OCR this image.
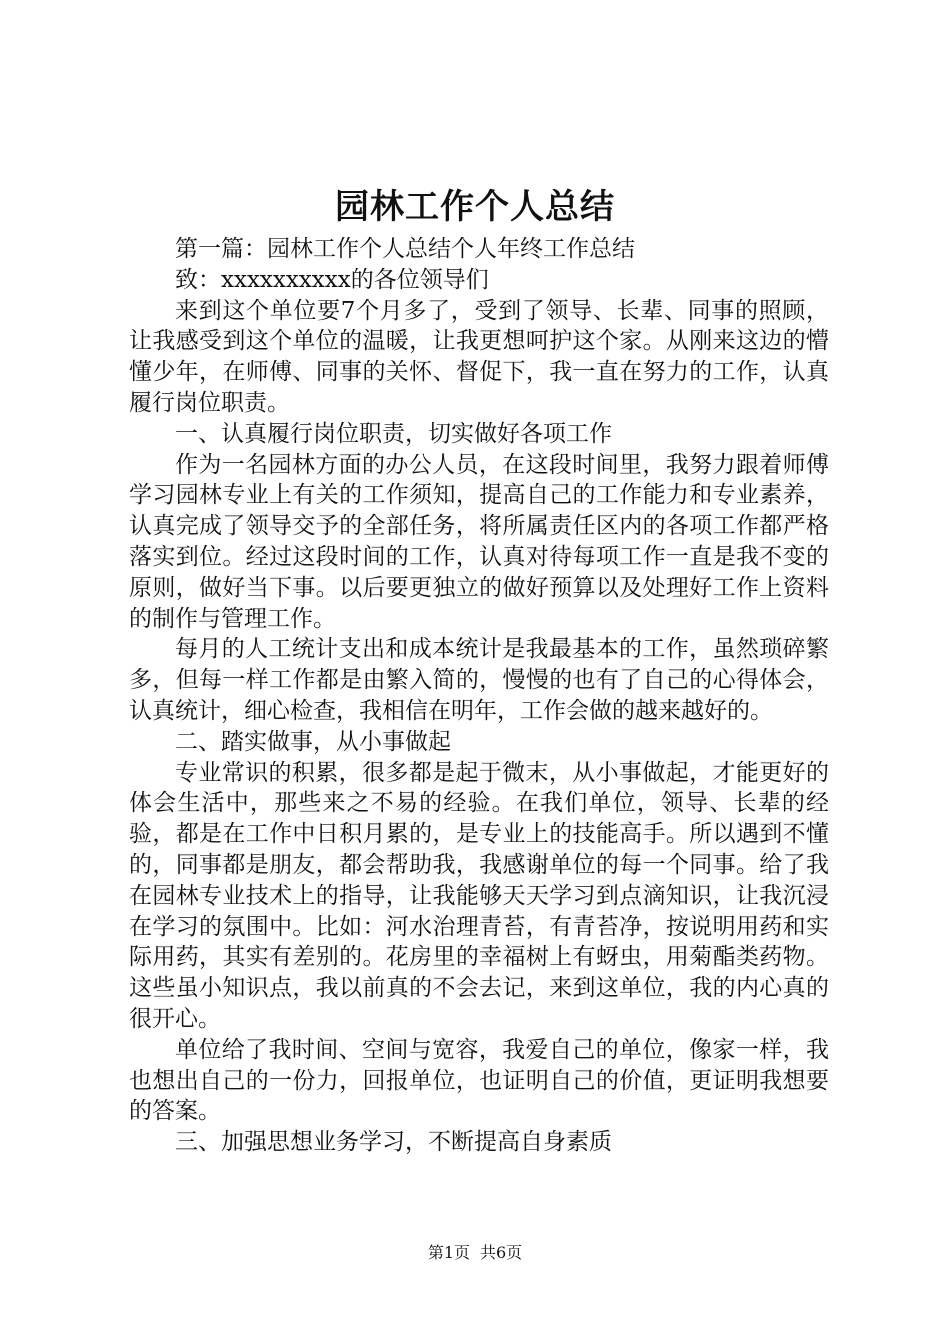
园林工作个人总结

第一篇：园林工作个人总结个人年终工作总结

致：xxxxxxxxxx的各位领导们

来到这个单位要7个月多了，受到了领导、长辈、同事的照顾，让我感受到这个单位的温暖，让我更想呵护这个家。从刚来这边的懵懂少年，在师傅、同事的关怀、督促下，我一直在努力的工作，认真履行岗位职责。

一、认真履行岗位职责，切实做好各项工作

作为一名园林方面的办公人员，在这段时间里，我努力跟着师傅学习园林专业上有关的工作须知，提高自己的工作能力和专业素养，认真完成了领导交予的全部任务，将所属责任区内的各项工作都严格落实到位。经过这段时间的工作，认真对待每项工作一直是我不变的原则，做好当下事。以后要更独立的做好预算以及处理好工作上资料的制作与管理工作。

每月的人工统计支出和成本统计是我最基本的工作，虽然琐碎繁多，但每一样工作都是由繁入简的，慢慢的也有了自己的心得体会，认真统计，细心检查，我相信在明年，工作会做的越来越好的。

二、踏实做事，从小事做起

专业常识的积累，很多都是起于微末，从小事做起，才能更好的体会生活中，那些来之不易的经验。在我们单位，领导、长辈的经验，都是在工作中日积月累的，是专业上的技能高手。所以遇到不懂的，同事都是朋友，都会帮助我，我感谢单位的每一个同事。给了我在园林专业技术上的指导，让我能够天天学习到点滴知识，让我沉浸在学习的氛围中。比如：河水治理青苔，有青苔净，按说明用药和实际用药，其实有差别的。花房里的幸福树上有蚜虫，用菊酯类药物。这些虽小知识点，我以前真的不会去记，来到这单位，我的内心真的很开心。

单位给了我时间、空间与宽容，我爱自己的单位，像家一样，我也想出自己的一份力，回报单位，也证明自己的价值，更证明我想要的答案。

三、加强思想业务学习，不断提高自身素质

第1页 共6页
